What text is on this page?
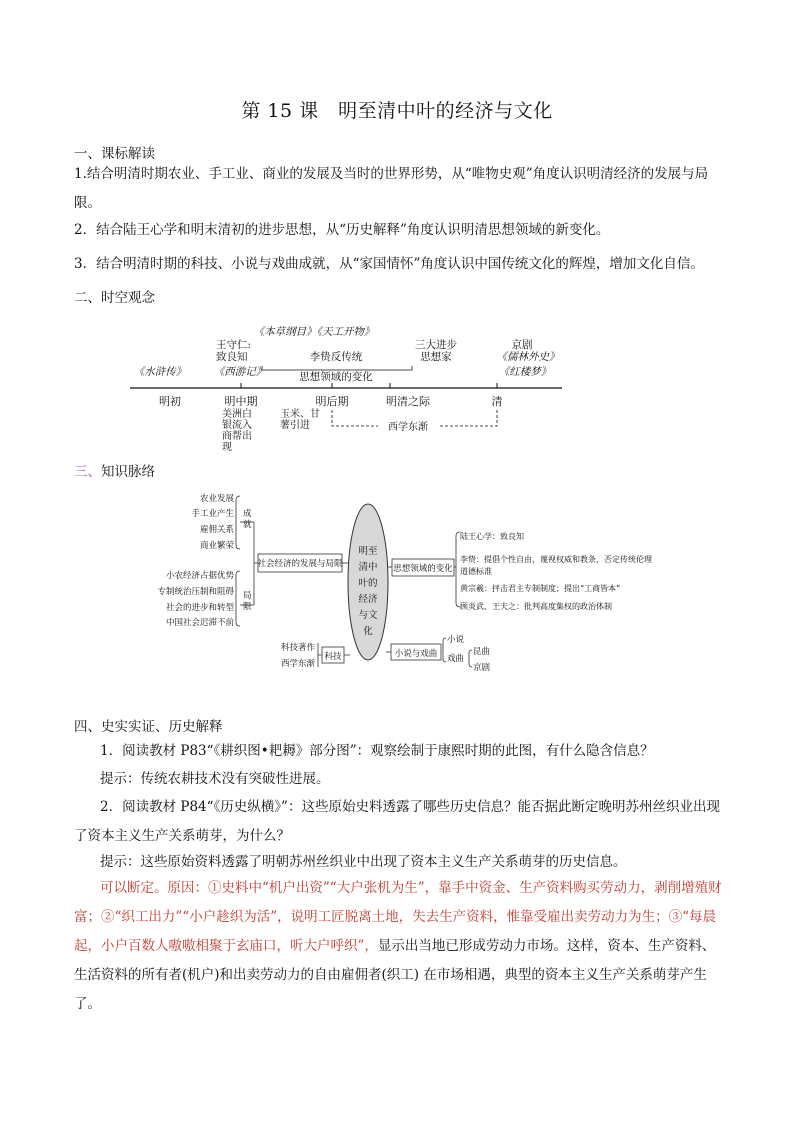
第 15 课　明至清中叶的经济与文化
一、课标解读
1.结合明清时期农业、手工业、商业的发展及当时的世界形势，从“唯物史观”角度认识明清经济的发展与局限。
2．结合陆王心学和明末清初的进步思想，从“历史解释”角度认识明清思想领域的新变化。
3．结合明清时期的科技、小说与戏曲成就，从“家国情怀”角度认识中国传统文化的辉煌，增加文化自信。
二、时空观念
《本草纲目》《天工开物》
王守仁:
致良知	李贽反传统
三大进步
思想家
京剧
《儒林外史》
《水浒传》	《西游记》	思想领域的变化	《红楼梦》
明初	明中期	明后期	明清之际	清
美洲白
银流入
商帮出
现
玉米、甘
薯引进	西学东渐
明至
清中
叶的
经济
与文
化
社会经济的发展与局限
成
就
局
限
农业发展
手工业产生
雇佣关系
商业繁荣
小农经济占据优势
专制统治压制和阻碍
社会的进步和转型
中国社会迟滞不前
科技
科技著作
西学东渐
思想领域的变化
陆王心学：致良知
李贽：提倡个性自由，蔑视权威和教条，否定传统伦理
道德标准
黄宗羲：抨击君主专制制度；提出“工商皆本”
顾炎武、王夫之：批判高度集权的政治体制
小说与戏曲
小说
戏曲
昆曲
京剧
三、知识脉络
四、史实实证、历史解释
1．阅读教材 P83“《耕织图•耙耨》部分图”：观察绘制于康熙时期的此图，有什么隐含信息？
提示：传统农耕技术没有突破性进展。
2．阅读教材 P84“《历史纵横》”：这些原始史料透露了哪些历史信息？能否据此断定晚明苏州丝织业出现了资本主义生产关系萌芽，为什么？
提示：这些原始资料透露了明朝苏州丝织业中出现了资本主义生产关系萌芽的历史信息。
可以断定。原因：①史料中“机户出资”“大户张机为生”，靠手中资金、生产资料购买劳动力，剥削增殖财富；②“织工出力”“小户趁织为活”，说明工匠脱离土地，失去生产资料，惟靠受雇出卖劳动力为生；③“每晨起，小户百数人嗷嗷相聚于玄庙口，听大户呼织”，显示出当地已形成劳动力市场。这样，资本、生产资料、生活资料的所有者(机户)和出卖劳动力的自由雇佣者(织工) 在市场相遇，典型的资本主义生产关系萌芽产生了。
